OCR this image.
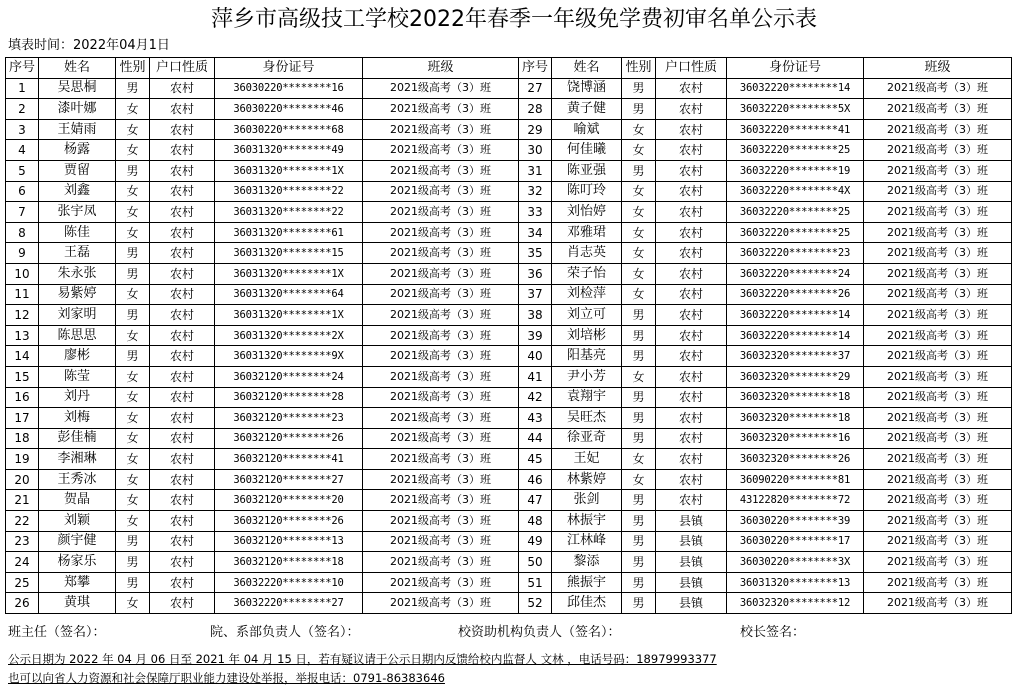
萍乡市高级技工学校2022年春季一年级免学费初审名单公示表
填表时间：2022年04月1日
序号	姓名	性别	户口性质	身份证号	班级	序号	姓名	性别	户口性质	身份证号	班级
1	吴思桐	男	农村	36030220********16	2021级高考（3）班	27	饶博涵	男	农村	36032220********14	2021级高考（3）班
2	漆叶娜	女	农村	36030220********46	2021级高考（3）班	28	黄子健	男	农村	36032220********5X	2021级高考（3）班
3	王婧雨	女	农村	36030220********68	2021级高考（3）班	29	喻斌	女	农村	36032220********41	2021级高考（3）班
4	杨露	女	农村	36031320********49	2021级高考（3）班	30	何佳曦	女	农村	36032220********25	2021级高考（3）班
5	贾留	男	农村	36031320********1X	2021级高考（3）班	31	陈亚强	男	农村	36032220********19	2021级高考（3）班
6	刘鑫	女	农村	36031320********22	2021级高考（3）班	32	陈叮玲	女	农村	36032220********4X	2021级高考（3）班
7	张宇凤	女	农村	36031320********22	2021级高考（3）班	33	刘怡婷	女	农村	36032220********25	2021级高考（3）班
8	陈佳	女	农村	36031320********61	2021级高考（3）班	34	邓雅珺	女	农村	36032220********25	2021级高考（3）班
9	王磊	男	农村	36031320********15	2021级高考（3）班	35	肖志英	女	农村	36032220********23	2021级高考（3）班
10	朱永张	男	农村	36031320********1X	2021级高考（3）班	36	荣子怡	女	农村	36032220********24	2021级高考（3）班
11	易紫婷	女	农村	36031320********64	2021级高考（3）班	37	刘检萍	女	农村	36032220********26	2021级高考（3）班
12	刘家明	男	农村	36031320********1X	2021级高考（3）班	38	刘立可	男	农村	36032220********14	2021级高考（3）班
13	陈思思	女	农村	36031320********2X	2021级高考（3）班	39	刘培彬	男	农村	36032220********14	2021级高考（3）班
14	廖彬	男	农村	36031320********9X	2021级高考（3）班	40	阳基亮	男	农村	36032320********37	2021级高考（3）班
15	陈莹	女	农村	36032120********24	2021级高考（3）班	41	尹小芳	女	农村	36032320********29	2021级高考（3）班
16	刘丹	女	农村	36032120********28	2021级高考（3）班	42	袁翔宇	男	农村	36032320********18	2021级高考（3）班
17	刘梅	女	农村	36032120********23	2021级高考（3）班	43	吴旺杰	男	农村	36032320********18	2021级高考（3）班
18	彭佳楠	女	农村	36032120********26	2021级高考（3）班	44	徐亚奇	男	农村	36032320********16	2021级高考（3）班
19	李湘琳	女	农村	36032120********41	2021级高考（3）班	45	王妃	女	农村	36032320********26	2021级高考（3）班
20	王秀冰	女	农村	36032120********27	2021级高考（3）班	46	林紫婷	女	农村	36090220********81	2021级高考（3）班
21	贺晶	女	农村	36032120********20	2021级高考（3）班	47	张剑	男	农村	43122820********72	2021级高考（3）班
22	刘颖	女	农村	36032120********26	2021级高考（3）班	48	林振宇	男	县镇	36030220********39	2021级高考（3）班
23	颜宇健	男	农村	36032120********13	2021级高考（3）班	49	江林峰	男	县镇	36030220********17	2021级高考（3）班
24	杨家乐	男	农村	36032120********18	2021级高考（3）班	50	黎添	男	县镇	36030220********3X	2021级高考（3）班
25	郑攀	男	农村	36032220********10	2021级高考（3）班	51	熊振宇	男	县镇	36031320********13	2021级高考（3）班
26	黄琪	女	农村	36032220********27	2021级高考（3）班	52	邱佳杰	男	县镇	36032320********12	2021级高考（3）班
班主任（签名）：	院、系部负责人（签名）：	校资助机构负责人（签名）：	校长签名：
公示日期为 2022 年 04 月 06 日至 2021 年 04 月 15 日，若有疑议请于公示日期内反馈给校内监督人 文林 ，电话号码：18979993377
也可以向省人力资源和社会保障厅职业能力建设处举报，举报电话：0791-86383646
